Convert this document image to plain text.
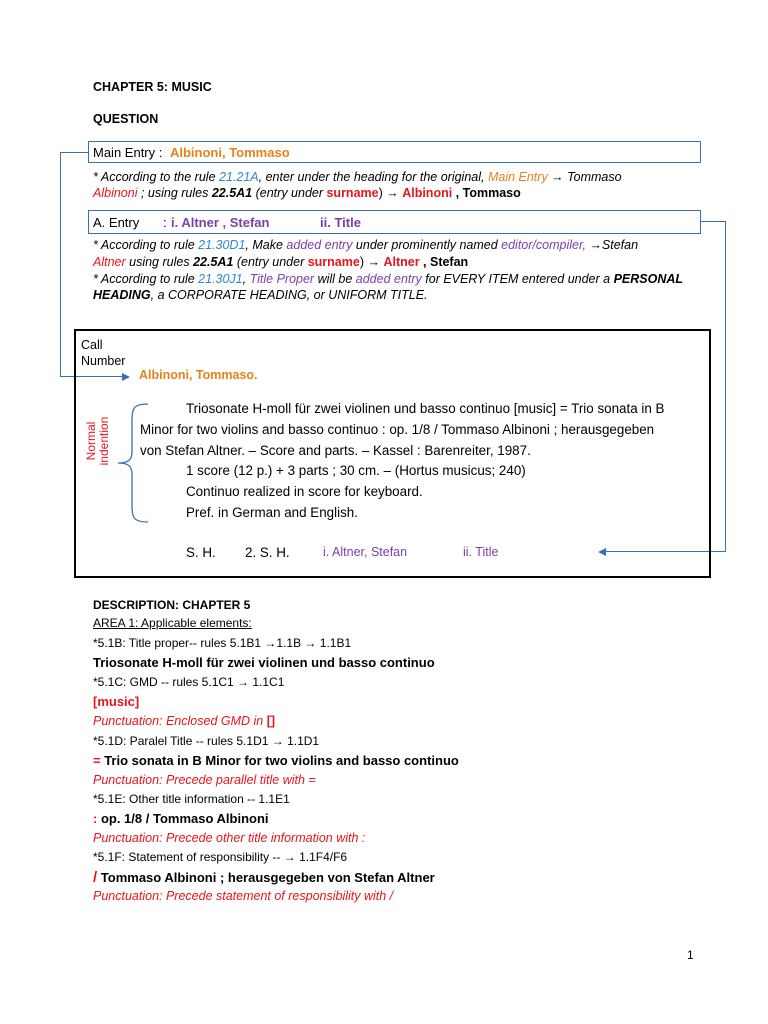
CHAPTER 5: MUSIC
QUESTION
Main Entry : Albinoni, Tommaso
* According to the rule 21.21A, enter under the heading for the original, Main Entry → Tommaso
Albinoni ; using rules 22.5A1 (entry under surname) → Albinoni , Tommaso
A. Entry : i. Altner , Stefan	ii. Title
* According to rule 21.30D1, Make added entry under prominently named editor/compiler, →Stefan
Altner using rules 22.5A1 (entry under surname) → Altner , Stefan
* According to rule 21.30J1, Title Proper will be added entry for EVERY ITEM entered under a PERSONAL
HEADING, a CORPORATE HEADING, or UNIFORM TITLE.
Call
Number
Albinoni, Tommaso.
Normal indention
Triosonate H-moll für zwei violinen und basso continuo [music] = Trio sonata in B
Minor for two violins and basso continuo : op. 1/8 / Tommaso Albinoni ; herausgegeben
von Stefan Altner. – Score and parts. – Kassel : Barenreiter, 1987.
1 score (12 p.) + 3 parts ; 30 cm. – (Hortus musicus; 240)
Continuo realized in score for keyboard.
Pref. in German and English.
S. H. 2. S. H.	i. Altner, Stefan	ii. Title
DESCRIPTION: CHAPTER 5
AREA 1: Applicable elements:
*5.1B: Title proper-- rules 5.1B1 →1.1B → 1.1B1
Triosonate H-moll für zwei violinen und basso continuo
*5.1C: GMD -- rules 5.1C1 → 1.1C1
[music]
Punctuation: Enclosed GMD in []
*5.1D: Paralel Title -- rules 5.1D1 → 1.1D1
= Trio sonata in B Minor for two violins and basso continuo
Punctuation: Precede parallel title with =
*5.1E: Other title information -- 1.1E1
: op. 1/8 / Tommaso Albinoni
Punctuation: Precede other title information with :
*5.1F: Statement of responsibility -- → 1.1F4/F6
/ Tommaso Albinoni ; herausgegeben von Stefan Altner
Punctuation: Precede statement of responsibility with /
1
